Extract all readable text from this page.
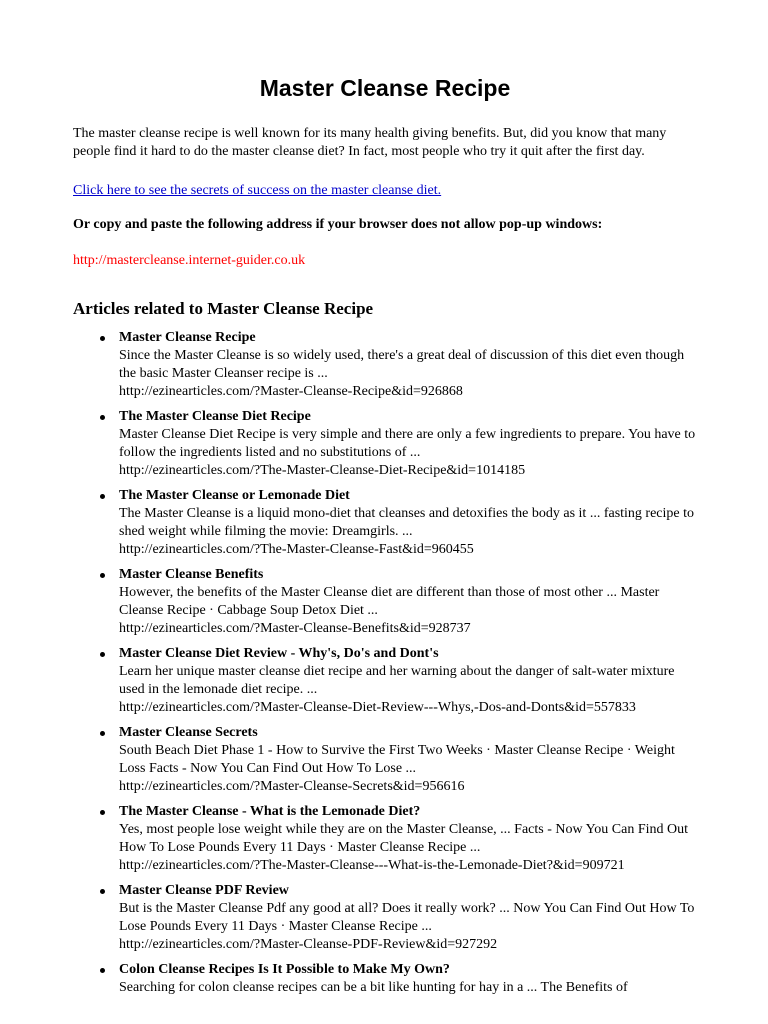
Master Cleanse Recipe

The master cleanse recipe is well known for its many health giving benefits. But, did you know that many people find it hard to do the master cleanse diet? In fact, most people who try it quit after the first day.

Click here to see the secrets of success on the master cleanse diet.

Or copy and paste the following address if your browser does not allow pop-up windows:

http://mastercleanse.internet-guider.co.uk

Articles related to Master Cleanse Recipe
Master Cleanse Recipe
Since the Master Cleanse is so widely used, there's a great deal of discussion of this diet even though the basic Master Cleanser recipe is ...
http://ezinearticles.com/?Master-Cleanse-Recipe&id=926868
The Master Cleanse Diet Recipe
Master Cleanse Diet Recipe is very simple and there are only a few ingredients to prepare. You have to follow the ingredients listed and no substitutions of ...
http://ezinearticles.com/?The-Master-Cleanse-Diet-Recipe&id=1014185
The Master Cleanse or Lemonade Diet
The Master Cleanse is a liquid mono-diet that cleanses and detoxifies the body as it ... fasting recipe to shed weight while filming the movie: Dreamgirls. ...
http://ezinearticles.com/?The-Master-Cleanse-Fast&id=960455
Master Cleanse Benefits
However, the benefits of the Master Cleanse diet are different than those of most other ... Master Cleanse Recipe · Cabbage Soup Detox Diet ...
http://ezinearticles.com/?Master-Cleanse-Benefits&id=928737
Master Cleanse Diet Review - Why's, Do's and Dont's
Learn her unique master cleanse diet recipe and her warning about the danger of salt-water mixture used in the lemonade diet recipe. ...
http://ezinearticles.com/?Master-Cleanse-Diet-Review---Whys,-Dos-and-Donts&id=557833
Master Cleanse Secrets
South Beach Diet Phase 1 - How to Survive the First Two Weeks · Master Cleanse Recipe · Weight Loss Facts - Now You Can Find Out How To Lose ...
http://ezinearticles.com/?Master-Cleanse-Secrets&id=956616
The Master Cleanse - What is the Lemonade Diet?
Yes, most people lose weight while they are on the Master Cleanse, ... Facts - Now You Can Find Out How To Lose Pounds Every 11 Days · Master Cleanse Recipe ...
http://ezinearticles.com/?The-Master-Cleanse---What-is-the-Lemonade-Diet?&id=909721
Master Cleanse PDF Review
But is the Master Cleanse Pdf any good at all? Does it really work? ... Now You Can Find Out How To Lose Pounds Every 11 Days · Master Cleanse Recipe ...
http://ezinearticles.com/?Master-Cleanse-PDF-Review&id=927292
Colon Cleanse Recipes Is It Possible to Make My Own?
Searching for colon cleanse recipes can be a bit like hunting for hay in a ... The Benefits of
